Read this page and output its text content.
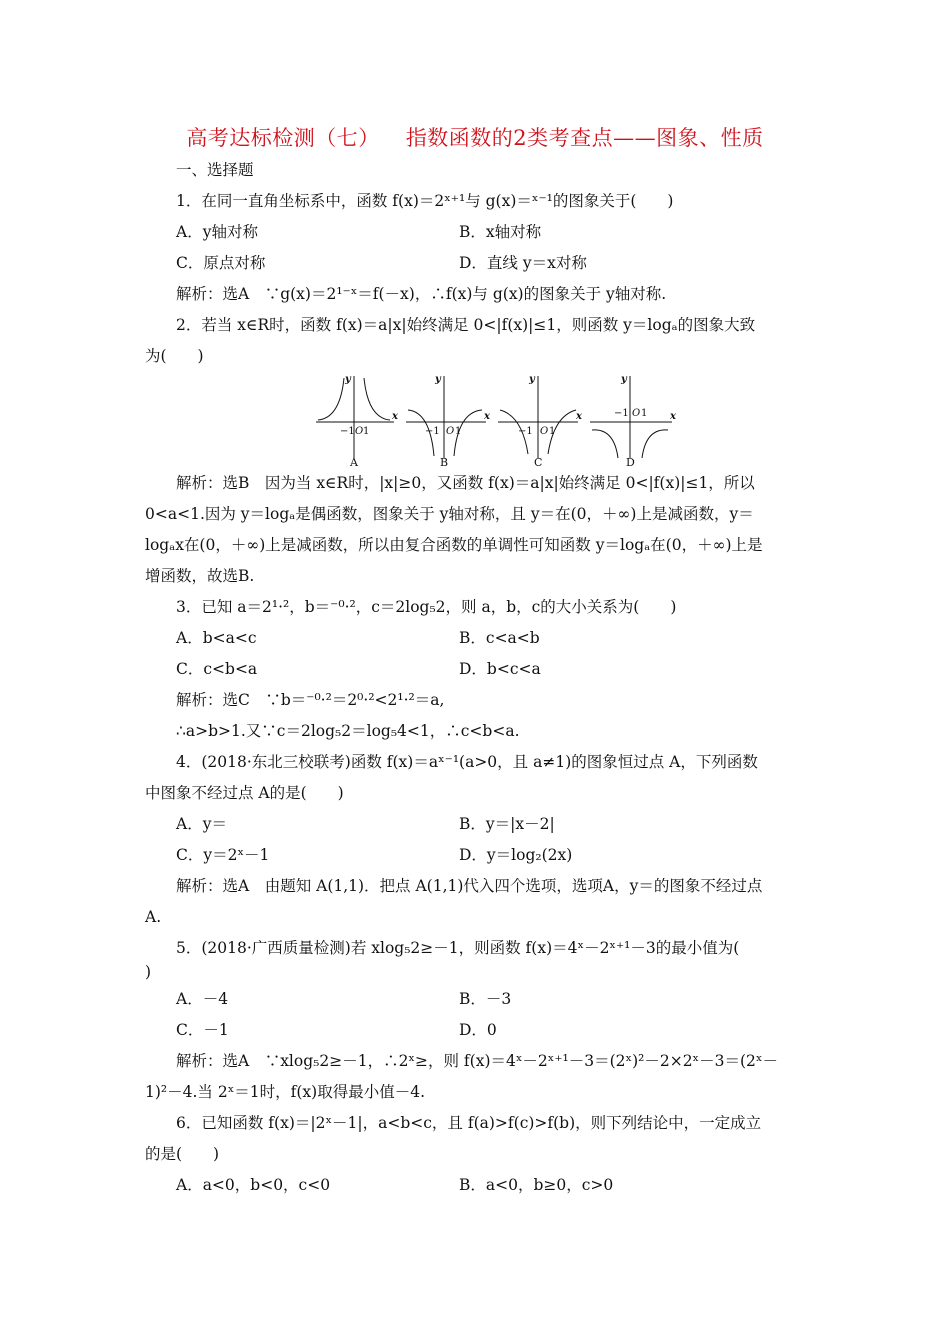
高考达标检测（七） 指数函数的2类考查点——图象、性质
一、选择题
1．在同一直角坐标系中，函数 f(x)＝2ˣ⁺¹与 g(x)＝ˣ⁻¹的图象关于(　　)
A．y轴对称	B．x轴对称
C．原点对称	D．直线 y＝x对称
解析：选A　∵g(x)＝2¹⁻ˣ＝f(－x)，∴f(x)与 g(x)的图象关于 y轴对称.
2．若当 x∈R时，函数 f(x)＝a|x|始终满足 0<|f(x)|≤1，则函数 y＝logₐ的图象大致
为(　　)
y
x
y
x
y
x
y
x
−1 O 1	−1 O 1	−1 O 1
−1 O 1
A	B	C	D
解析：选B　因为当 x∈R时，|x|≥0，又函数 f(x)＝a|x|始终满足 0<|f(x)|≤1，所以
0<a<1.因为 y＝logₐ是偶函数，图象关于 y轴对称，且 y＝在(0，＋∞)上是减函数，y＝
logₐx在(0，＋∞)上是减函数，所以由复合函数的单调性可知函数 y＝logₐ在(0，＋∞)上是
增函数，故选B.
3．已知 a＝2¹·²，b＝⁻⁰·²，c＝2log₅2，则 a，b，c的大小关系为(　　)
A．b<a<c	B．c<a<b
C．c<b<a	D．b<c<a
解析：选C　∵b＝⁻⁰·²＝2⁰·²<2¹·²＝a,
∴a>b>1.又∵c＝2log₅2＝log₅4<1，∴c<b<a.
4．(2018·东北三校联考)函数 f(x)＝aˣ⁻¹(a>0，且 a≠1)的图象恒过点 A，下列函数
中图象不经过点 A的是(　　)
A．y＝	B．y＝|x－2|
C．y＝2ˣ－1	D．y＝log₂(2x)
解析：选A　由题知 A(1,1)．把点 A(1,1)代入四个选项，选项A，y＝的图象不经过点
A.
5．(2018·广西质量检测)若 xlog₅2≥－1，则函数 f(x)＝4ˣ－2ˣ⁺¹－3的最小值为(
)
A．－4	B．－3
C．－1	D．0
解析：选A　∵xlog₅2≥－1，∴2ˣ≥，则 f(x)＝4ˣ－2ˣ⁺¹－3＝(2ˣ)²－2×2ˣ－3＝(2ˣ－
1)²－4.当 2ˣ＝1时，f(x)取得最小值－4.
6．已知函数 f(x)＝|2ˣ－1|，a<b<c，且 f(a)>f(c)>f(b)，则下列结论中，一定成立
的是(　　)
A．a<0，b<0，c<0	B．a<0，b≥0，c>0
